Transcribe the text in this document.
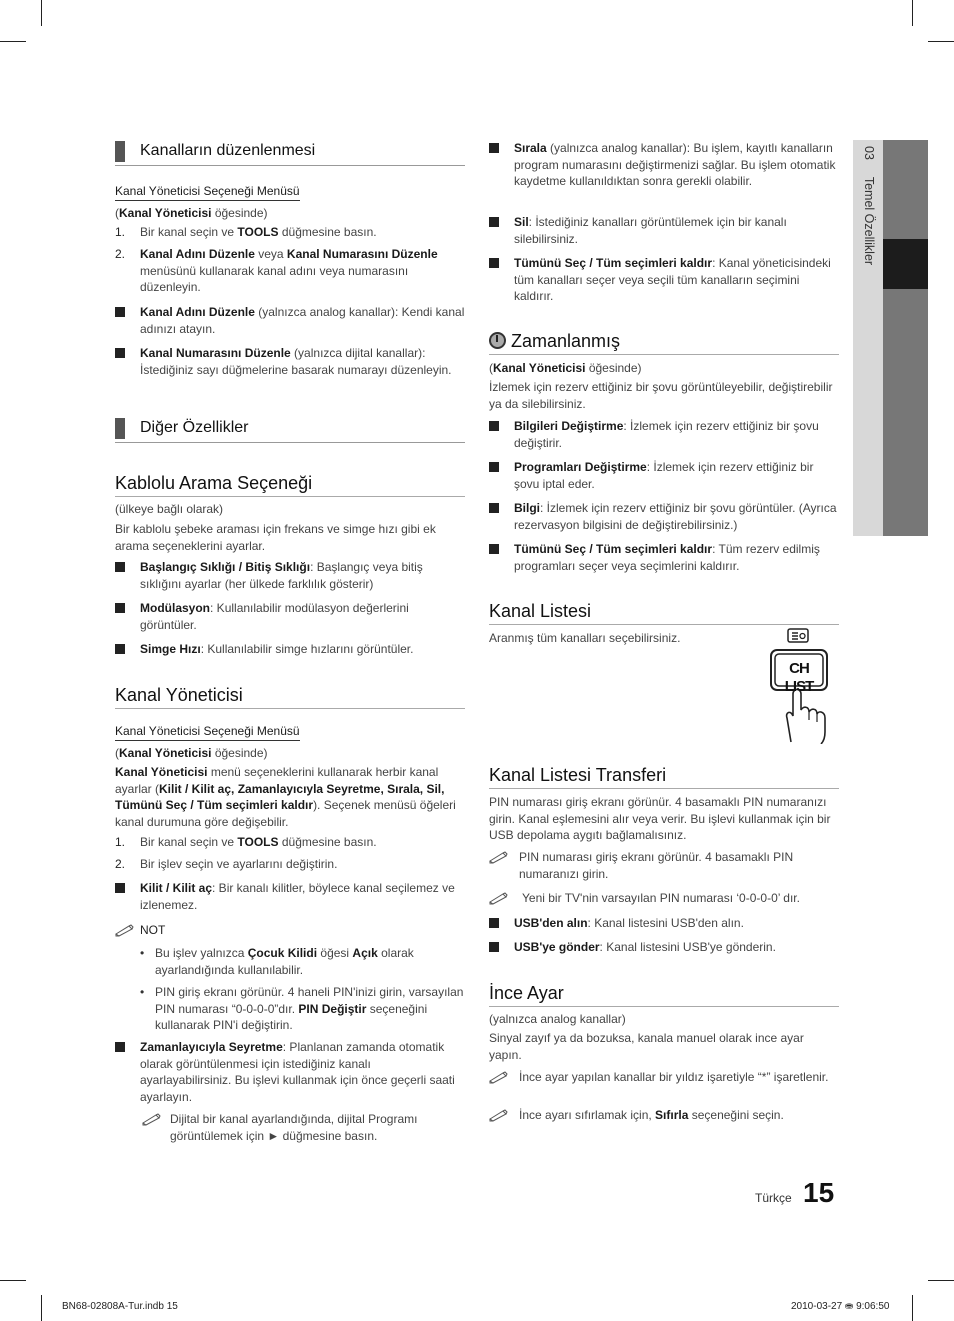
03  Temel Özellikler
Kanalların düzenlenmesi
Kanal Yöneticisi Seçeneği Menüsü
(Kanal Yöneticisi öğesinde)
1. Bir kanal seçin ve TOOLS düğmesine basın.
2. Kanal Adını Düzenle veya Kanal Numarasını Düzenle menüsünü kullanarak kanal adını veya numarasını düzenleyin.
Kanal Adını Düzenle (yalnızca analog kanallar): Kendi kanal adınızı atayın.
Kanal Numarasını Düzenle (yalnızca dijital kanallar): İstediğiniz sayı düğmelerine basarak numarayı düzenleyin.
Diğer Özellikler
Kablolu Arama Seçeneği
(ülkeye bağlı olarak)
Bir kablolu şebeke araması için frekans ve simge hızı gibi ek arama seçeneklerini ayarlar.
Başlangıç Sıklığı / Bitiş Sıklığı: Başlangıç veya bitiş sıklığını ayarlar (her ülkede farklılık gösterir)
Modülasyon: Kullanılabilir modülasyon değerlerini görüntüler.
Simge Hızı: Kullanılabilir simge hızlarını görüntüler.
Kanal Yöneticisi
Kanal Yöneticisi Seçeneği Menüsü
(Kanal Yöneticisi öğesinde)
Kanal Yöneticisi menü seçeneklerini kullanarak herbir kanal ayarlar (Kilit / Kilit aç, Zamanlayıcıyla Seyretme, Sırala, Sil, Tümünü Seç / Tüm seçimleri kaldır). Seçenek menüsü öğeleri kanal durumuna göre değişebilir.
1. Bir kanal seçin ve TOOLS düğmesine basın.
2. Bir işlev seçin ve ayarlarını değiştirin.
Kilit / Kilit aç: Bir kanalı kilitler, böylece kanal seçilemez ve izlenemez.
NOT
• Bu işlev yalnızca Çocuk Kilidi öğesi Açık olarak ayarlandığında kullanılabilir.
• PIN giriş ekranı görünür. 4 haneli PIN'inizi girin, varsayılan PIN numarası “0-0-0-0”dır. PIN Değiştir seçeneğini kullanarak PIN'i değiştirin.
Zamanlayıcıyla Seyretme: Planlanan zamanda otomatik olarak görüntülenmesi için istediğiniz kanalı ayarlayabilirsiniz. Bu işlevi kullanmak için önce geçerli saati ayarlayın.
Dijital bir kanal ayarlandığında, dijital Programı görüntülemek için ► düğmesine basın.
Sırala (yalnızca analog kanallar): Bu işlem, kayıtlı kanalların program numarasını değiştirmenizi sağlar. Bu işlem otomatik kaydetme kullanıldıktan sonra gerekli olabilir.
Sil: İstediğiniz kanalları görüntülemek için bir kanalı silebilirsiniz.
Tümünü Seç / Tüm seçimleri kaldır: Kanal yöneticisindeki tüm kanalları seçer veya seçili tüm kanalların seçimini kaldırır.
Zamanlanmış
(Kanal Yöneticisi öğesinde)
İzlemek için rezerv ettiğiniz bir şovu görüntüleyebilir, değiştirebilir ya da silebilirsiniz.
Bilgileri Değiştirme: İzlemek için rezerv ettiğiniz bir şovu değiştirir.
Programları Değiştirme: İzlemek için rezerv ettiğiniz bir şovu iptal eder.
Bilgi: İzlemek için rezerv ettiğiniz bir şovu görüntüler. (Ayrıca rezervasyon bilgisini de değiştirebilirsiniz.)
Tümünü Seç / Tüm seçimleri kaldır: Tüm rezerv edilmiş programları seçer veya seçimlerini kaldırır.
Kanal Listesi
Aranmış tüm kanalları seçebilirsiniz.
CH LIST
Kanal Listesi Transferi
PIN numarası giriş ekranı görünür. 4 basamaklı PIN numaranızı girin. Kanal eşlemesini alır veya verir. Bu işlevi kullanmak için bir USB depolama aygıtı bağlamalısınız.
PIN numarası giriş ekranı görünür. 4 basamaklı PIN numaranızı girin.
Yeni bir TV'nin varsayılan PIN numarası ‘0-0-0-0’ dır.
USB'den alın: Kanal listesini USB'den alın.
USB'ye gönder: Kanal listesini USB'ye gönderin.
İnce Ayar
(yalnızca analog kanallar)
Sinyal zayıf ya da bozuksa, kanala manuel olarak ince ayar yapın.
İnce ayar yapılan kanallar bir yıldız işaretiyle “*” işaretlenir.
İnce ayarı sıfırlamak için, Sıfırla seçeneğini seçin.
Türkçe 15
BN68-02808A-Tur.indb 15	2010-03-27 ⛂ 9:06:50
